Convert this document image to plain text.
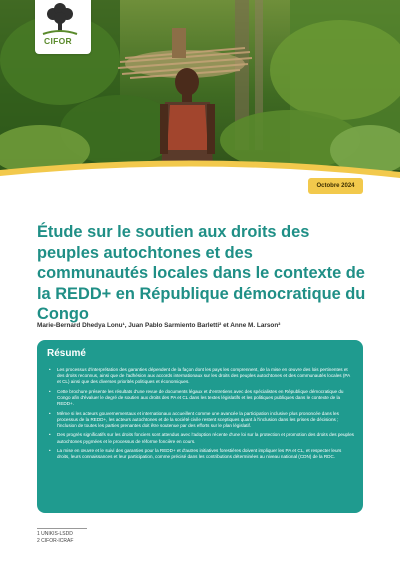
CIFOR
Octobre 2024
Étude sur le soutien aux droits des peuples autochtones et des communautés locales dans le contexte de la REDD+ en République démocratique du Congo
Marie-Bernard Dhedya Lonu¹, Juan Pablo Sarmiento Barletti² et Anne M. Larson²
Résumé
• Les processus d'interprétation des garanties dépendent de la façon dont les pays les comprennent, de la mise en œuvre des lois pertinentes et des droits reconnus, ainsi que de l'adhésion aux accords internationaux sur les droits des peuples autochtones et des communautés locales (PA et CL) ainsi que des diverses priorités politiques et économiques.
• Cette brochure présente les résultats d'une revue de documents légaux et d'entretiens avec des spécialistes en République démocratique du Congo afin d'évaluer le degré de soutien aux droits des PA et CL dans les textes législatifs et les politiques publiques dans le contexte de la REDD+.
• Même si les acteurs gouvernementaux et internationaux accueillent comme une avancée la participation inclusive plus prononcée dans les processus de la REDD+, les acteurs autochtones et de la société civile restent sceptiques quant à l'inclusion dans les prises de décisions ; l'inclusion de toutes les parties prenantes doit être soutenue par des efforts sur le plan législatif.
• Des progrès significatifs sur les droits fonciers sont attendus avec l'adoption récente d'une loi sur la protection et promotion des droits des peuples autochtones pygmées et le processus de réforme foncière en cours.
• La mise en œuvre et le suivi des garanties pour la REDD+ et d'autres initiatives forestières doivent impliquer les PA et CL, et respecter leurs droits, leurs connaissances et leur participation, comme précisé dans les contributions déterminées au niveau national (CDN) de la RDC.
1 UNIKIS-LSDD
2 CIFOR-ICRAF
